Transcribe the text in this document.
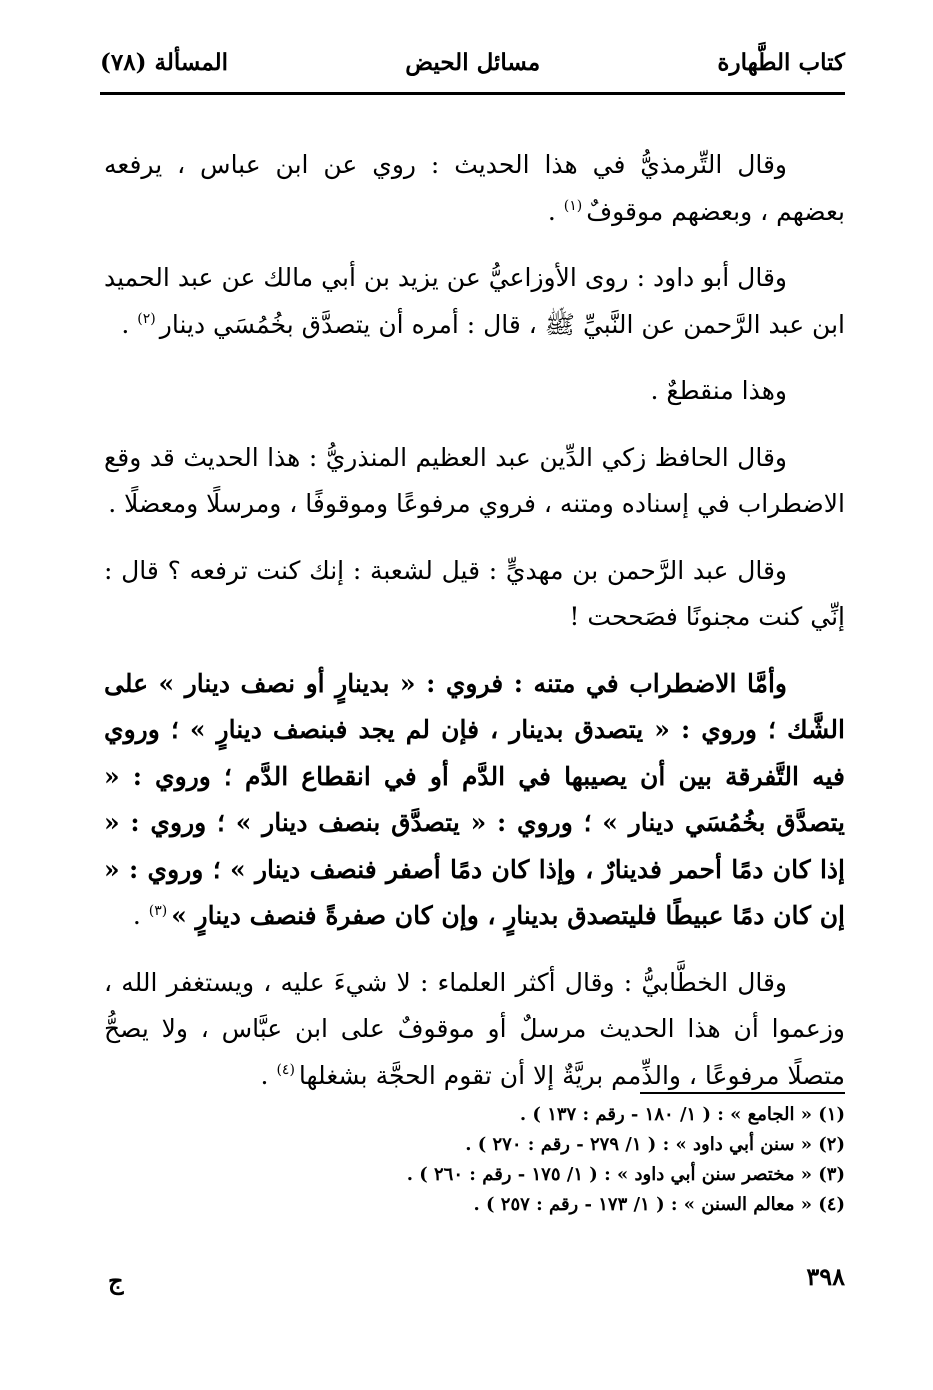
كتاب الطَّهارة
مسائل الحيض
المسألة (٧٨)

وقال التِّرمذيُّ في هذا الحديث : روي عن ابن عباس ، يرفعه بعضهم ، وبعضهم موقوفٌ$^{(١)}$ .

وقال أبو داود : روى الأوزاعيُّ عن يزيد بن أبي مالك عن عبد الحميد ابن عبد الرَّحمن عن النَّبيِّ ﷺ ، قال : أمره أن يتصدَّق بخُمُسَي دينار$^{(٢)}$ .

وهذا منقطعٌ .

وقال الحافظ زكي الدِّين عبد العظيم المنذريُّ : هذا الحديث قد وقع الاضطراب في إسناده ومتنه ، فروي مرفوعًا وموقوفًا ، ومرسلًا ومعضلًا .

وقال عبد الرَّحمن بن مهديٍّ : قيل لشعبة : إنك كنت ترفعه ؟ قال : إنِّي كنت مجنونًا فصَححت !

وأمَّا الاضطراب في متنه : فروي : « بدينارٍ أو نصف دينار » على الشَّك ؛ وروي : « يتصدق بدينار ، فإن لم يجد فبنصف دينارٍ » ؛ وروي فيه التَّفرقة بين أن يصيبها في الدَّم أو في انقطاع الدَّم ؛ وروي : « يتصدَّق بخُمُسَي دينار » ؛ وروي : « يتصدَّق بنصف دينار » ؛ وروي : « إذا كان دمًا أحمر فدينارٌ ، وإذا كان دمًا أصفر فنصف دينار » ؛ وروي : « إن كان دمًا عبيطًا فليتصدق بدينارٍ ، وإن كان صفرةً فنصف دينارٍ »$^{(٣)}$ .

وقال الخطَّابيُّ : وقال أكثر العلماء : لا شيءَ عليه ، ويستغفر الله ، وزعموا أن هذا الحديث مرسلٌ أو موقوفٌ على ابن عبَّاس ، ولا يصحُّ متصلًا مرفوعًا ، والذِّمم بريَّةٌ إلا أن تقوم الحجَّة بشغلها$^{(٤)}$ .

(١) « الجامع » : ( ١/ ١٨٠ - رقم : ١٣٧ ) .
(٢) « سنن أبي داود » : ( ١/ ٢٧٩ - رقم : ٢٧٠ ) .
(٣) « مختصر سنن أبي داود » : ( ١/ ١٧٥ - رقم : ٢٦٠ ) .
(٤) « معالم السنن » : ( ١/ ١٧٣ - رقم : ٢٥٧ ) .
٣٩٨
ج
